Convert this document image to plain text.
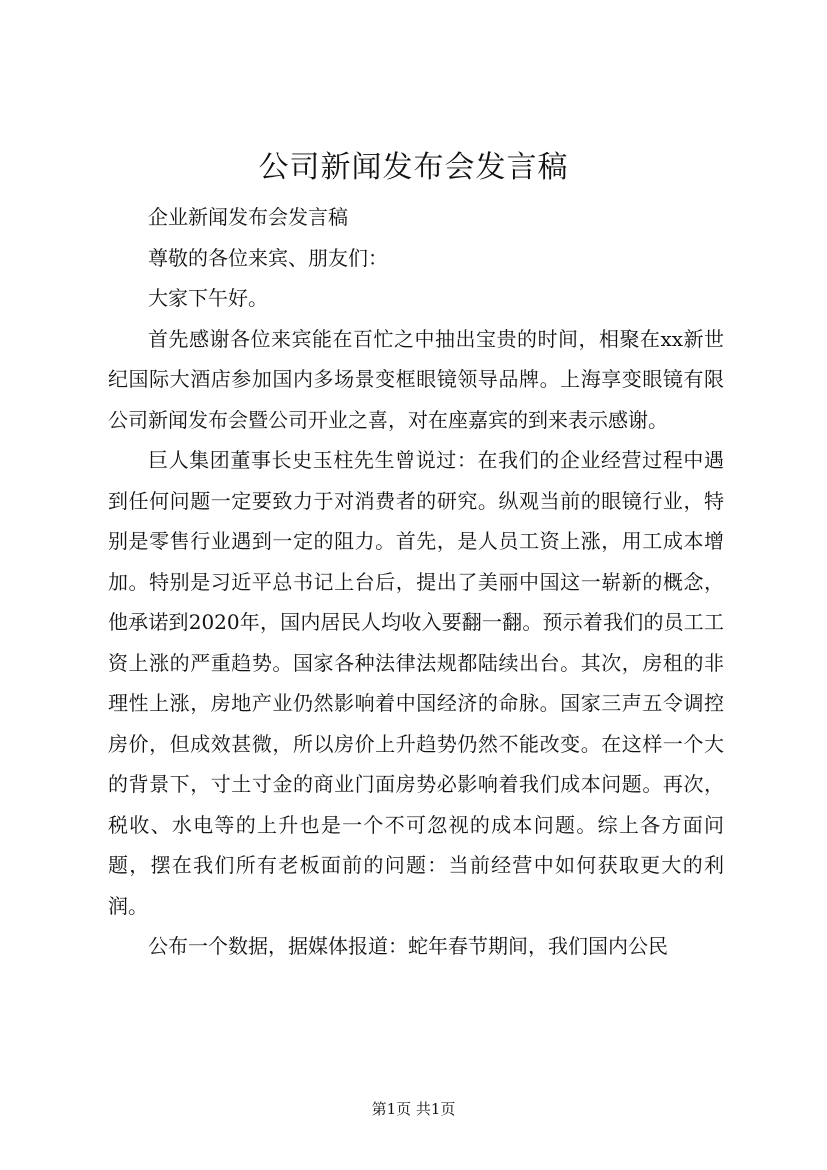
公司新闻发布会发言稿

企业新闻发布会发言稿

尊敬的各位来宾、朋友们：

大家下午好。

首先感谢各位来宾能在百忙之中抽出宝贵的时间，相聚在xx新世纪国际大酒店参加国内多场景变框眼镜领导品牌。上海享变眼镜有限公司新闻发布会暨公司开业之喜，对在座嘉宾的到来表示感谢。

巨人集团董事长史玉柱先生曾说过：在我们的企业经营过程中遇到任何问题一定要致力于对消费者的研究。纵观当前的眼镜行业，特别是零售行业遇到一定的阻力。首先，是人员工资上涨，用工成本增加。特别是习近平总书记上台后，提出了美丽中国这一崭新的概念，他承诺到2020年，国内居民人均收入要翻一翻。预示着我们的员工工资上涨的严重趋势。国家各种法律法规都陆续出台。其次，房租的非理性上涨，房地产业仍然影响着中国经济的命脉。国家三声五令调控房价，但成效甚微，所以房价上升趋势仍然不能改变。在这样一个大的背景下，寸土寸金的商业门面房势必影响着我们成本问题。再次，税收、水电等的上升也是一个不可忽视的成本问题。综上各方面问题，摆在我们所有老板面前的问题：当前经营中如何获取更大的利润。

公布一个数据，据媒体报道：蛇年春节期间，我们国内公民

第1页 共1页
